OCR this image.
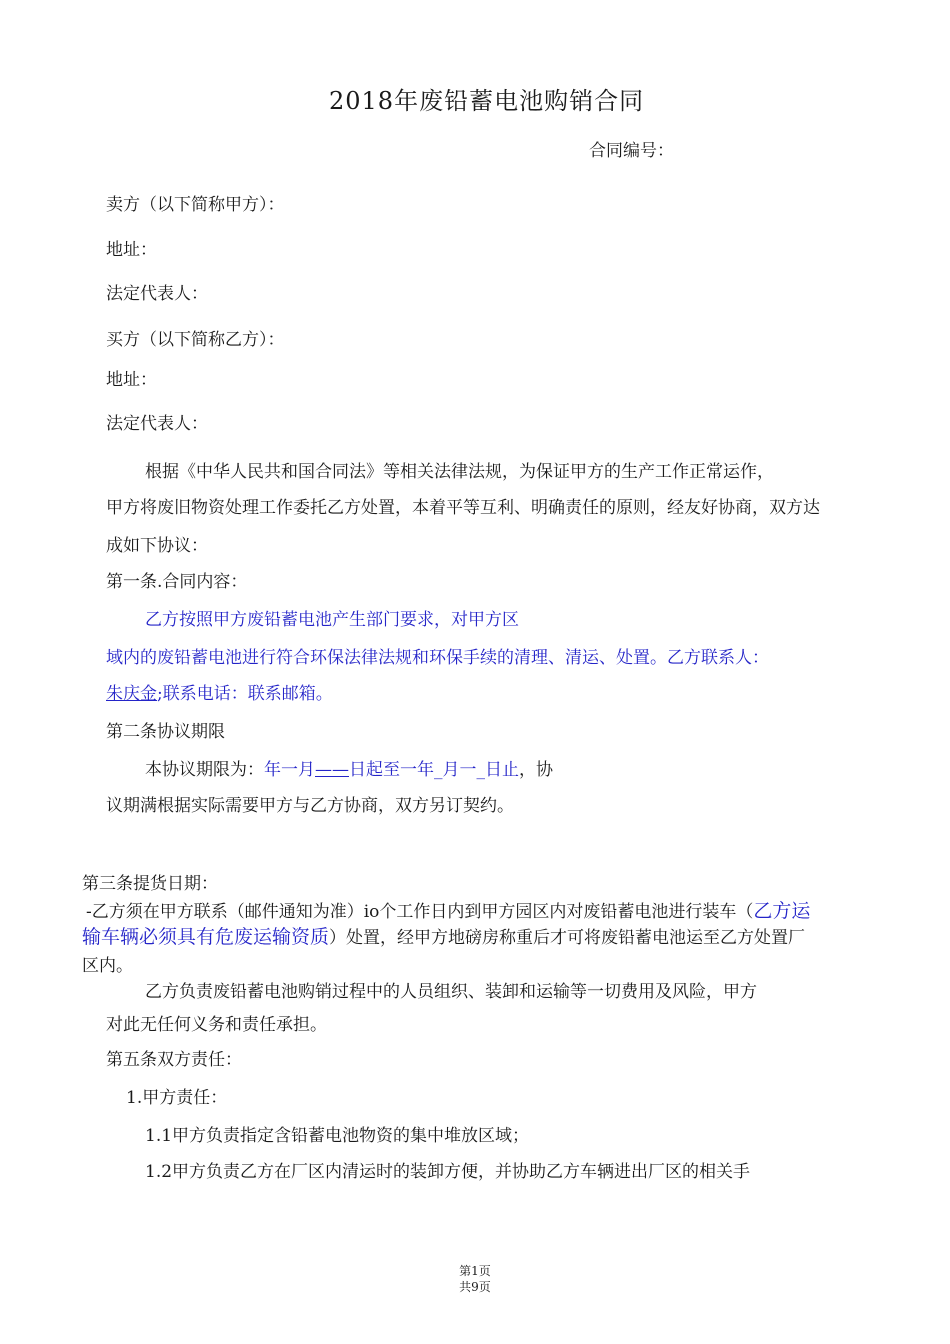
2018年废铅蓄电池购销合同
合同编号：
卖方（以下简称甲方）：
地址：
法定代表人：
买方（以下简称乙方）：
地址：
法定代表人：
根据《中华人民共和国合同法》等相关法律法规，为保证甲方的生产工作正常运作，
甲方将废旧物资处理工作委托乙方处置，本着平等互利、明确责任的原则，经友好协商，双方达
成如下协议：
第一条.合同内容：
乙方按照甲方废铅蓄电池产生部门要求，对甲方区
域内的废铅蓄电池进行符合环保法律法规和环保手续的清理、清运、处置。乙方联系人：
朱庆金;联系电话：联系邮箱。
第二条协议期限
本协议期限为：年一月——日起至一年_月一_日止，协
议期满根据实际需要甲方与乙方协商，双方另订契约。
第三条提货日期：
-乙方须在甲方联系（邮件通知为准）io个工作日内到甲方园区内对废铅蓄电池进行装车（乙方运
输车辆必须具有危废运输资质）处置，经甲方地磅房称重后才可将废铅蓄电池运至乙方处置厂
区内。
乙方负责废铅蓄电池购销过程中的人员组织、装卸和运输等一切费用及风险，甲方
对此无任何义务和责任承担。
第五条双方责任：
1.甲方责任：
1.1甲方负责指定含铅蓄电池物资的集中堆放区域；
1.2甲方负责乙方在厂区内清运时的装卸方便，并协助乙方车辆进出厂区的相关手
第1页
共9页
